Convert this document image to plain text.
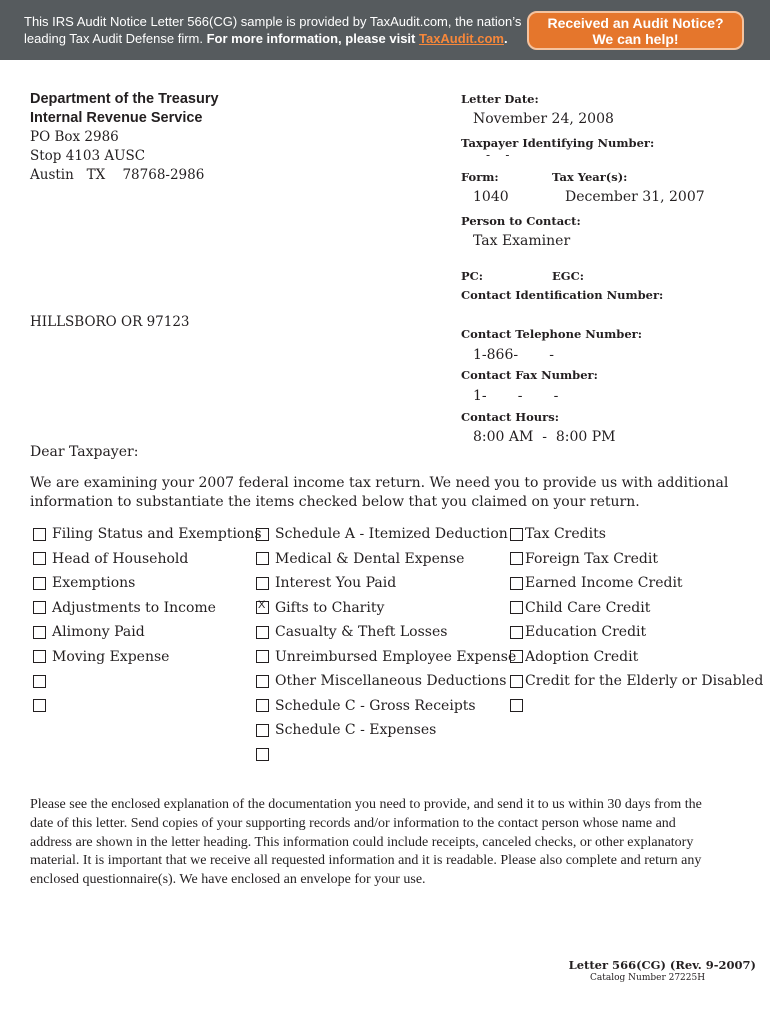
This IRS Audit Notice Letter 566(CG) sample is provided by TaxAudit.com, the nation’s
leading Tax Audit Defense firm. For more information, please visit TaxAudit.com.
Received an Audit Notice?
We can help!
Department of the Treasury
Internal Revenue Service
PO Box 2986
Stop 4103 AUSC
Austin   TX    78768-2986
HILLSBORO OR 97123
Letter Date:
November 24, 2008
Taxpayer Identifying Number:
-    -
Form:	Tax Year(s):
1040	December 31, 2007
Person to Contact:
Tax Examiner
PC:	EGC:
Contact Identification Number:
Contact Telephone Number:
1-866-       -
Contact Fax Number:
1-       -       -
Contact Hours:
8:00 AM  -  8:00 PM
Dear Taxpayer:
We are examining your 2007 federal income tax return. We need you to provide us with additional information to substantiate the items checked below that you claimed on your return.
Filing Status and Exemptions
Head of Household
Exemptions
Adjustments to Income
Alimony Paid
Moving Expense
Schedule A - Itemized Deduction
Medical & Dental Expense
Interest You Paid
X
Gifts to Charity
Casualty & Theft Losses
Unreimbursed Employee Expense
Other Miscellaneous Deductions
Schedule C - Gross Receipts
Schedule C - Expenses
Tax Credits
Foreign Tax Credit
Earned Income Credit
Child Care Credit
Education Credit
Adoption Credit
Credit for the Elderly or Disabled
Please see the enclosed explanation of the documentation you need to provide, and send it to us within 30 days from the date of this letter. Send copies of your supporting records and/or information to the contact person whose name and address are shown in the letter heading. This information could include receipts, canceled checks, or other explanatory material. It is important that we receive all requested information and it is readable. Please also complete and return any enclosed questionnaire(s). We have enclosed an envelope for your use.
Letter 566(CG) (Rev. 9-2007)
Catalog Number 27225H
